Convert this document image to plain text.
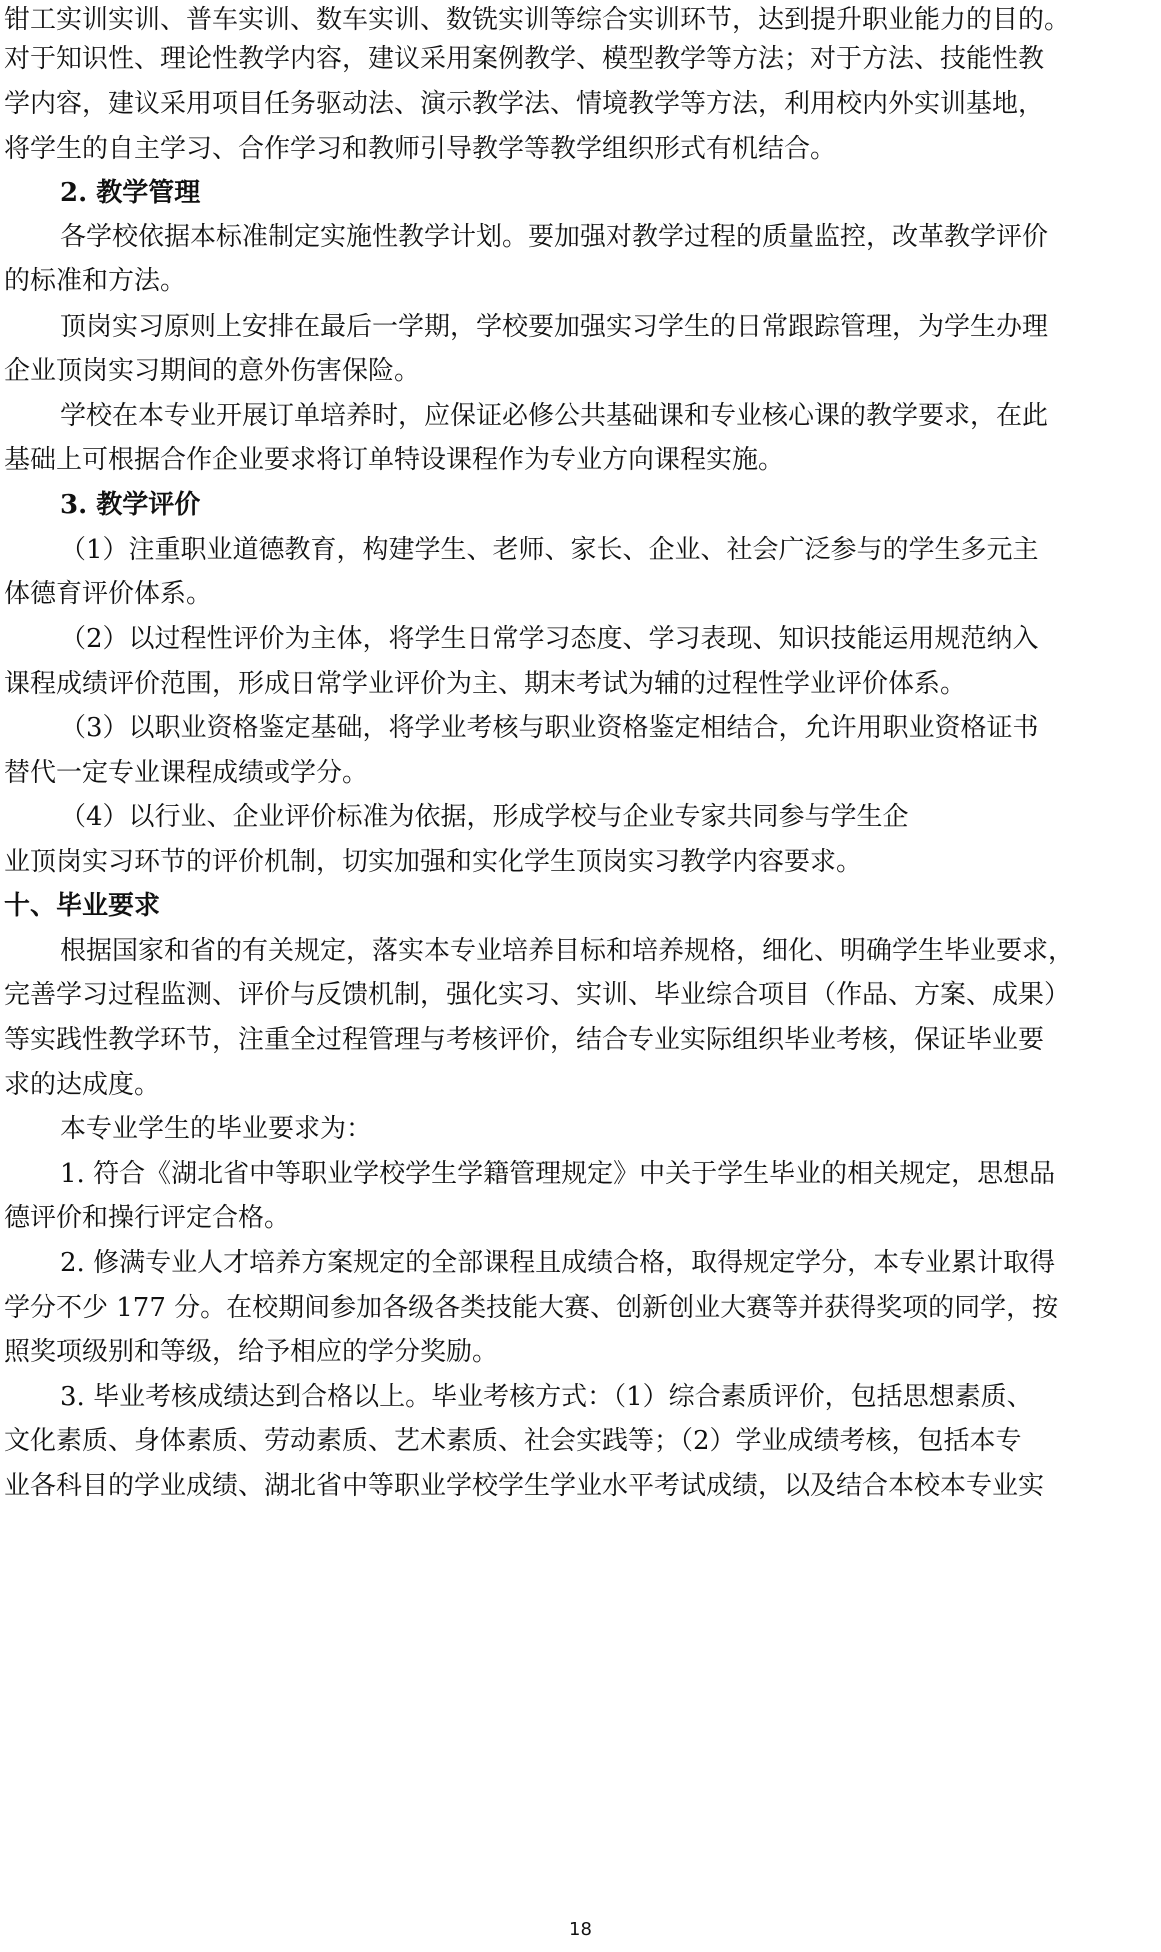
钳工实训实训、普车实训、数车实训、数铣实训等综合实训环节，达到提升职业能力的目的。
对于知识性、理论性教学内容，建议采用案例教学、模型教学等方法；对于方法、技能性教
学内容，建议采用项目任务驱动法、演示教学法、情境教学等方法，利用校内外实训基地，
将学生的自主学习、合作学习和教师引导教学等教学组织形式有机结合。
2. 教学管理
各学校依据本标准制定实施性教学计划。要加强对教学过程的质量监控，改革教学评价
的标准和方法。
顶岗实习原则上安排在最后一学期，学校要加强实习学生的日常跟踪管理，为学生办理
企业顶岗实习期间的意外伤害保险。
学校在本专业开展订单培养时，应保证必修公共基础课和专业核心课的教学要求，在此
基础上可根据合作企业要求将订单特设课程作为专业方向课程实施。
3. 教学评价
（1）注重职业道德教育，构建学生、老师、家长、企业、社会广泛参与的学生多元主
体德育评价体系。
（2）以过程性评价为主体，将学生日常学习态度、学习表现、知识技能运用规范纳入
课程成绩评价范围，形成日常学业评价为主、期末考试为辅的过程性学业评价体系。
（3）以职业资格鉴定基础，将学业考核与职业资格鉴定相结合，允许用职业资格证书
替代一定专业课程成绩或学分。
（4）以行业、企业评价标准为依据，形成学校与企业专家共同参与学生企
业顶岗实习环节的评价机制，切实加强和实化学生顶岗实习教学内容要求。
十、毕业要求
根据国家和省的有关规定，落实本专业培养目标和培养规格，细化、明确学生毕业要求，
完善学习过程监测、评价与反馈机制，强化实习、实训、毕业综合项目（作品、方案、成果）
等实践性教学环节，注重全过程管理与考核评价，结合专业实际组织毕业考核，保证毕业要
求的达成度。
本专业学生的毕业要求为：
1. 符合《湖北省中等职业学校学生学籍管理规定》中关于学生毕业的相关规定，思想品
德评价和操行评定合格。
2. 修满专业人才培养方案规定的全部课程且成绩合格，取得规定学分，本专业累计取得
学分不少 177 分。在校期间参加各级各类技能大赛、创新创业大赛等并获得奖项的同学，按
照奖项级别和等级，给予相应的学分奖励。
3. 毕业考核成绩达到合格以上。毕业考核方式：（1）综合素质评价，包括思想素质、
文化素质、身体素质、劳动素质、艺术素质、社会实践等；（2）学业成绩考核，包括本专
业各科目的学业成绩、湖北省中等职业学校学生学业水平考试成绩，以及结合本校本专业实
18
